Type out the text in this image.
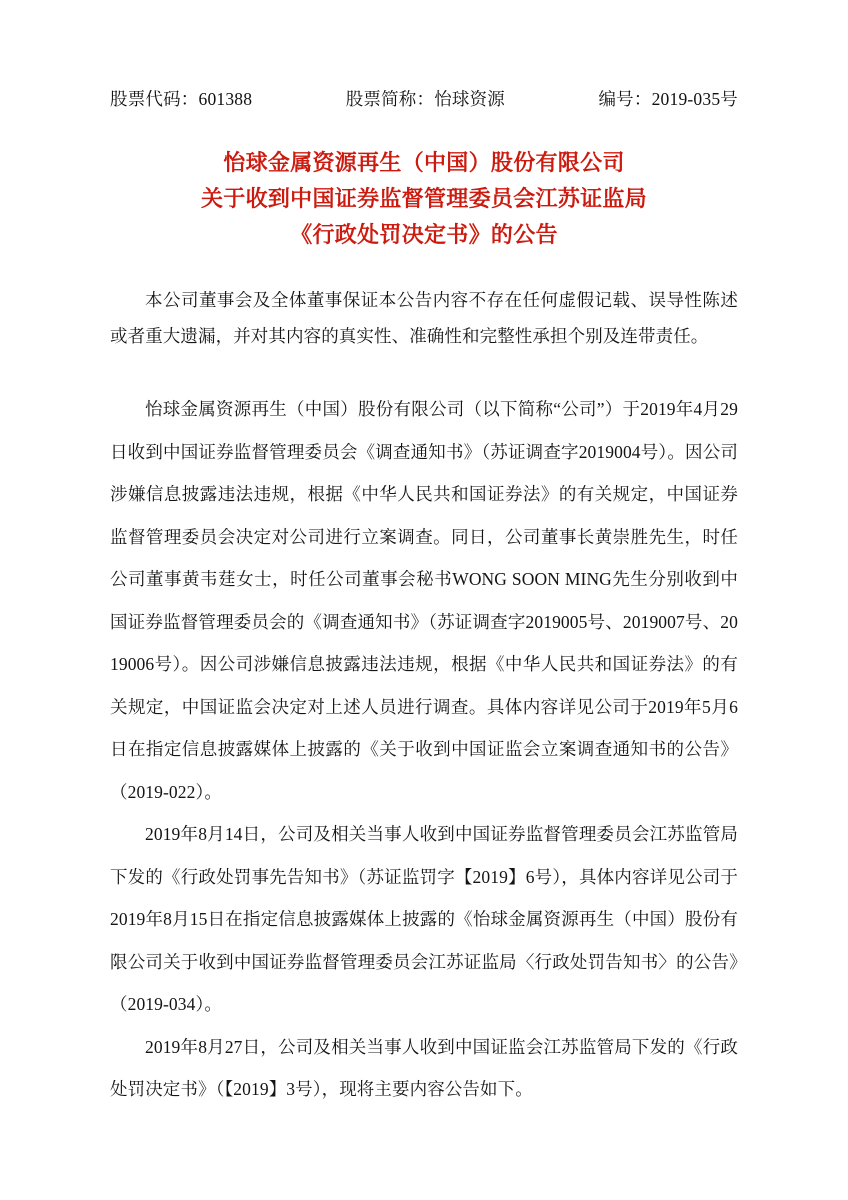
股票代码：601388	股票简称：怡球资源	编号：2019-035号
怡球金属资源再生（中国）股份有限公司
关于收到中国证券监督管理委员会江苏证监局
《行政处罚决定书》的公告

本公司董事会及全体董事保证本公告内容不存在任何虚假记载、误导性陈述或者重大遗漏，并对其内容的真实性、准确性和完整性承担个别及连带责任。

怡球金属资源再生（中国）股份有限公司（以下简称“公司”）于2019年4月29日收到中国证券监督管理委员会《调查通知书》（苏证调查字2019004号）。因公司涉嫌信息披露违法违规，根据《中华人民共和国证券法》的有关规定，中国证券监督管理委员会决定对公司进行立案调查。同日，公司董事长黄崇胜先生，时任公司董事黄韦莛女士，时任公司董事会秘书WONG SOON MING先生分别收到中国证券监督管理委员会的《调查通知书》（苏证调查字2019005号、2019007号、2019006号）。因公司涉嫌信息披露违法违规，根据《中华人民共和国证券法》的有关规定，中国证监会决定对上述人员进行调查。具体内容详见公司于2019年5月6日在指定信息披露媒体上披露的《关于收到中国证监会立案调查通知书的公告》（2019-022）。

2019年8月14日，公司及相关当事人收到中国证券监督管理委员会江苏监管局下发的《行政处罚事先告知书》（苏证监罚字【2019】6号），具体内容详见公司于2019年8月15日在指定信息披露媒体上披露的《怡球金属资源再生（中国）股份有限公司关于收到中国证券监督管理委员会江苏证监局〈行政处罚告知书〉的公告》（2019-034）。

2019年8月27日，公司及相关当事人收到中国证监会江苏监管局下发的《行政处罚决定书》（【2019】3号），现将主要内容公告如下。
